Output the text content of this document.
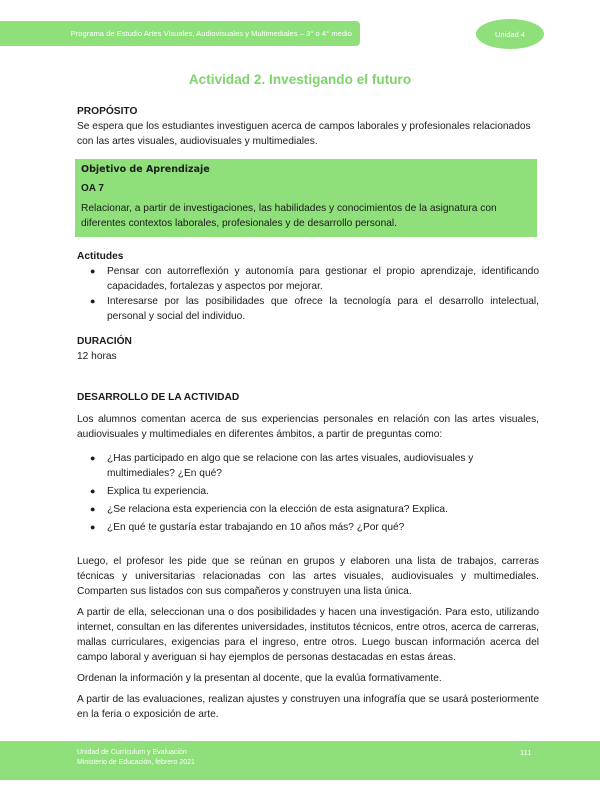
Programa de Estudio Artes Visuales, Audiovisuales y Multimediales – 3° o 4° medio	Unidad 4
Actividad 2. Investigando el futuro

PROPÓSITO

Se espera que los estudiantes investiguen acerca de campos laborales y profesionales relacionados con las artes visuales, audiovisuales y multimediales.

Objetivo de Aprendizaje

OA 7

Relacionar, a partir de investigaciones, las habilidades y conocimientos de la asignatura con diferentes contextos laborales, profesionales y de desarrollo personal.

Actitudes

● Pensar con autorreflexión y autonomía para gestionar el propio aprendizaje, identificando capacidades, fortalezas y aspectos por mejorar.
● Interesarse por las posibilidades que ofrece la tecnología para el desarrollo intelectual, personal y social del individuo.

DURACIÓN

12 horas

DESARROLLO DE LA ACTIVIDAD

Los alumnos comentan acerca de sus experiencias personales en relación con las artes visuales, audiovisuales y multimediales en diferentes ámbitos, a partir de preguntas como:

● ¿Has participado en algo que se relacione con las artes visuales, audiovisuales y multimediales? ¿En qué?
● Explica tu experiencia.
● ¿Se relaciona esta experiencia con la elección de esta asignatura? Explica.
● ¿En qué te gustaría estar trabajando en 10 años más? ¿Por qué?

Luego, el profesor les pide que se reúnan en grupos y elaboren una lista de trabajos, carreras técnicas y universitarias relacionadas con las artes visuales, audiovisuales y multimediales. Comparten sus listados con sus compañeros y construyen una lista única.

A partir de ella, seleccionan una o dos posibilidades y hacen una investigación. Para esto, utilizando internet, consultan en las diferentes universidades, institutos técnicos, entre otros, acerca de carreras, mallas curriculares, exigencias para el ingreso, entre otros. Luego buscan información acerca del campo laboral y averiguan si hay ejemplos de personas destacadas en estas áreas.

Ordenan la información y la presentan al docente, que la evalúa formativamente.

A partir de las evaluaciones, realizan ajustes y construyen una infografía que se usará posteriormente en la feria o exposición de arte.

Unidad de Currículum y Evaluación
Ministerio de Educación, febrero 2021
111
